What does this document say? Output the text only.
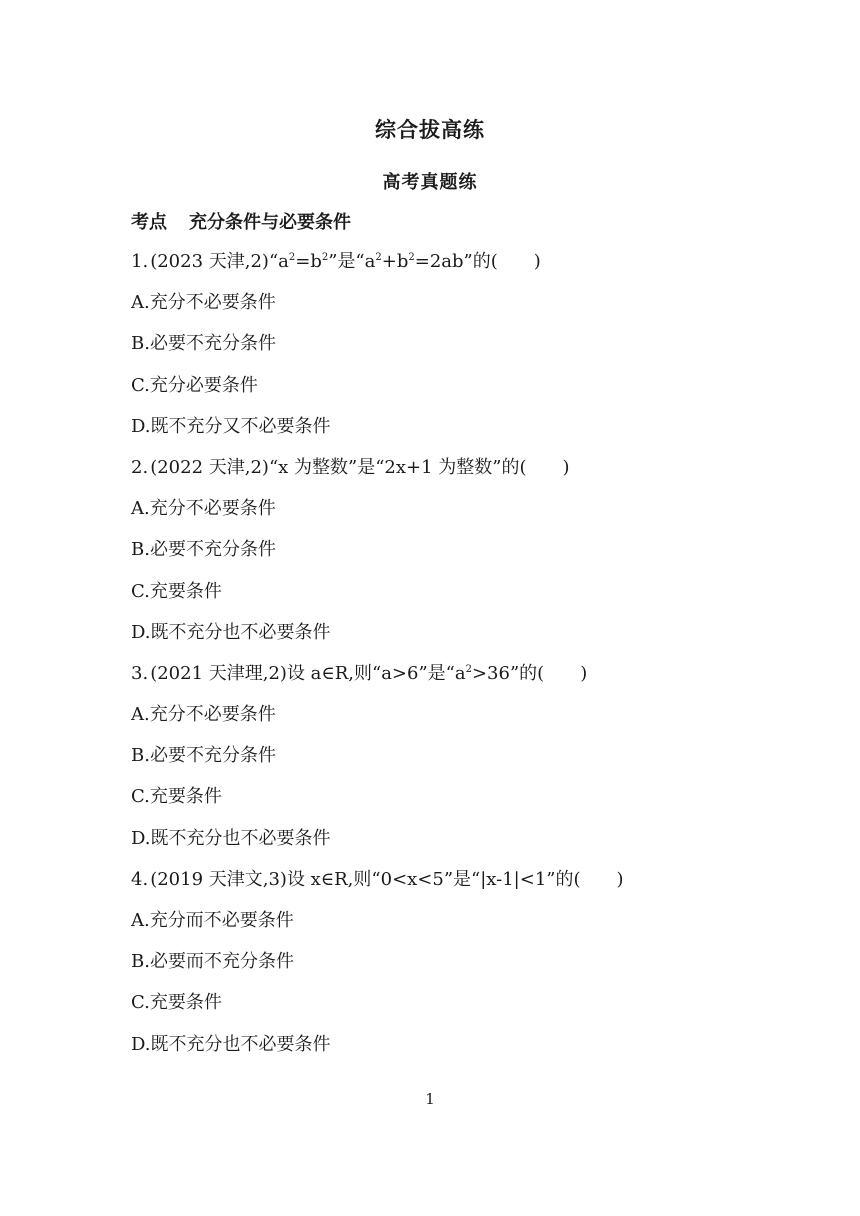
综合拔高练
高考真题练
考点 充分条件与必要条件
1. (2023 天津$,2)“a^2=b^2$”是“$a^2+b^2=2ab$”的( )
A.充分不必要条件
B.必要不充分条件
C.充分必要条件
D.既不充分又不必要条件
2. (2022 天津,2)“x 为整数”是“2x+1 为整数”的( )
A.充分不必要条件
B.必要不充分条件
C.充要条件
D.既不充分也不必要条件
3. (2021 天津理,2)设 a∈R,则“a>6”是“$a^2>36$”的( )
A.充分不必要条件
B.必要不充分条件
C.充要条件
D.既不充分也不必要条件
4. (2019 天津文,3)设 x∈R,则“0<x<5”是“|x-1|<1”的( )
A.充分而不必要条件
B.必要而不充分条件
C.充要条件
D.既不充分也不必要条件
1
